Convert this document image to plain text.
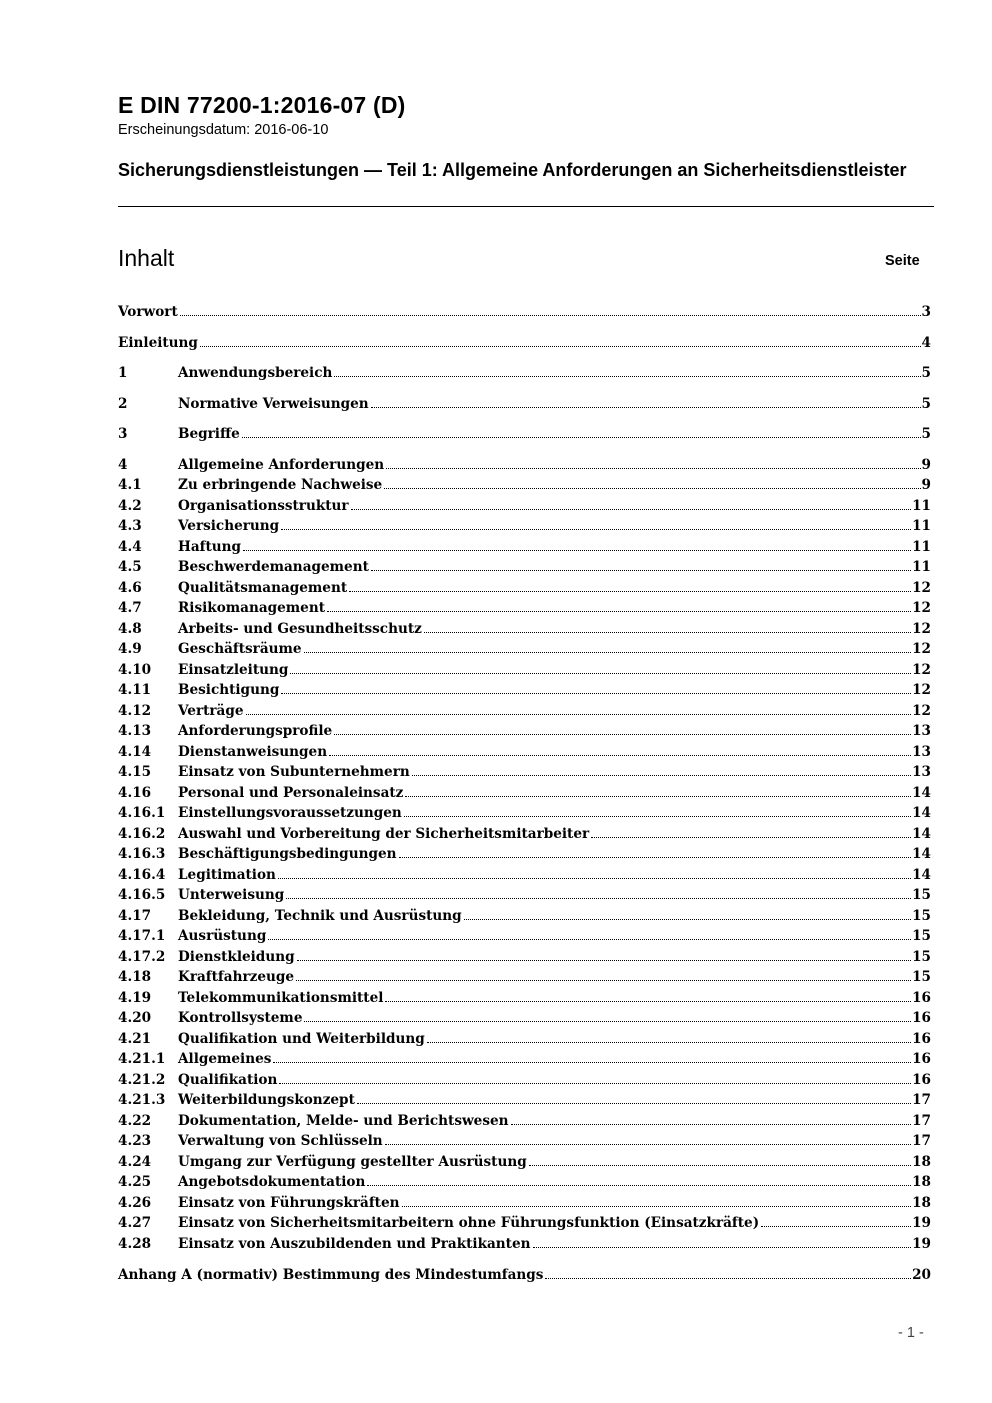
E DIN 77200-1:2016-07 (D)
Erscheinungsdatum: 2016-06-10
Sicherungsdienstleistungen — Teil 1: Allgemeine Anforderungen an Sicherheitsdienstleister
Inhalt	Seite
Vorwort	3
Einleitung	4
1	Anwendungsbereich	5
2	Normative Verweisungen	5
3	Begriffe	5
4	Allgemeine Anforderungen	9
4.1	Zu erbringende Nachweise	9
4.2	Organisationsstruktur	11
4.3	Versicherung	11
4.4	Haftung	11
4.5	Beschwerdemanagement	11
4.6	Qualitätsmanagement	12
4.7	Risikomanagement	12
4.8	Arbeits- und Gesundheitsschutz	12
4.9	Geschäftsräume	12
4.10	Einsatzleitung	12
4.11	Besichtigung	12
4.12	Verträge	12
4.13	Anforderungsprofile	13
4.14	Dienstanweisungen	13
4.15	Einsatz von Subunternehmern	13
4.16	Personal und Personaleinsatz	14
4.16.1 Einstellungsvoraussetzungen	14
4.16.2 Auswahl und Vorbereitung der Sicherheitsmitarbeiter	14
4.16.3 Beschäftigungsbedingungen	14
4.16.4 Legitimation	14
4.16.5 Unterweisung	15
4.17	Bekleidung, Technik und Ausrüstung	15
4.17.1 Ausrüstung	15
4.17.2 Dienstkleidung	15
4.18	Kraftfahrzeuge	15
4.19	Telekommunikationsmittel	16
4.20	Kontrollsysteme	16
4.21	Qualifikation und Weiterbildung	16
4.21.1 Allgemeines	16
4.21.2 Qualifikation	16
4.21.3 Weiterbildungskonzept	17
4.22	Dokumentation, Melde- und Berichtswesen	17
4.23	Verwaltung von Schlüsseln	17
4.24	Umgang zur Verfügung gestellter Ausrüstung	18
4.25	Angebotsdokumentation	18
4.26	Einsatz von Führungskräften	18
4.27	Einsatz von Sicherheitsmitarbeitern ohne Führungsfunktion (Einsatzkräfte)	19
4.28	Einsatz von Auszubildenden und Praktikanten	19
Anhang A (normativ) Bestimmung des Mindestumfangs	20
- 1 -
